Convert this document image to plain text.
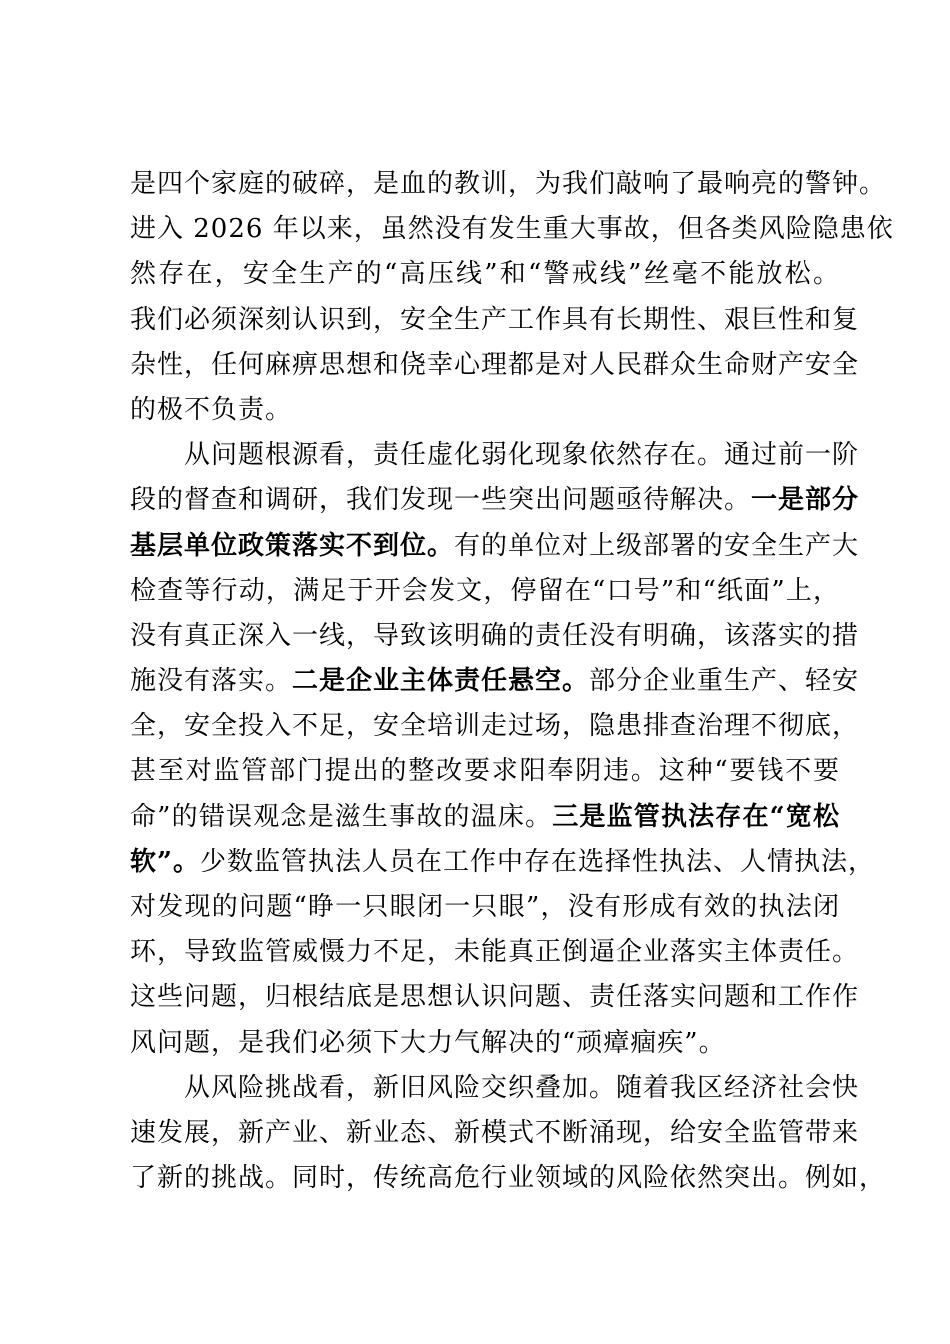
是四个家庭的破碎，是血的教训，为我们敲响了最响亮的警钟。
进入 2026 年以来，虽然没有发生重大事故，但各类风险隐患依
然存在，安全生产的“高压线”和“警戒线”丝毫不能放松。
我们必须深刻认识到，安全生产工作具有长期性、艰巨性和复
杂性，任何麻痹思想和侥幸心理都是对人民群众生命财产安全
的极不负责。
从问题根源看，责任虚化弱化现象依然存在。通过前一阶
段的督查和调研，我们发现一些突出问题亟待解决。一是部分
基层单位政策落实不到位。有的单位对上级部署的安全生产大
检查等行动，满足于开会发文，停留在“口号”和“纸面”上，
没有真正深入一线，导致该明确的责任没有明确，该落实的措
施没有落实。二是企业主体责任悬空。部分企业重生产、轻安
全，安全投入不足，安全培训走过场，隐患排查治理不彻底，
甚至对监管部门提出的整改要求阳奉阴违。这种“要钱不要
命”的错误观念是滋生事故的温床。三是监管执法存在“宽松
软”。少数监管执法人员在工作中存在选择性执法、人情执法，
对发现的问题“睁一只眼闭一只眼”，没有形成有效的执法闭
环，导致监管威慑力不足，未能真正倒逼企业落实主体责任。
这些问题，归根结底是思想认识问题、责任落实问题和工作作
风问题，是我们必须下大力气解决的“顽瘴痼疾”。
从风险挑战看，新旧风险交织叠加。随着我区经济社会快
速发展，新产业、新业态、新模式不断涌现，给安全监管带来
了新的挑战。同时，传统高危行业领域的风险依然突出。例如，
